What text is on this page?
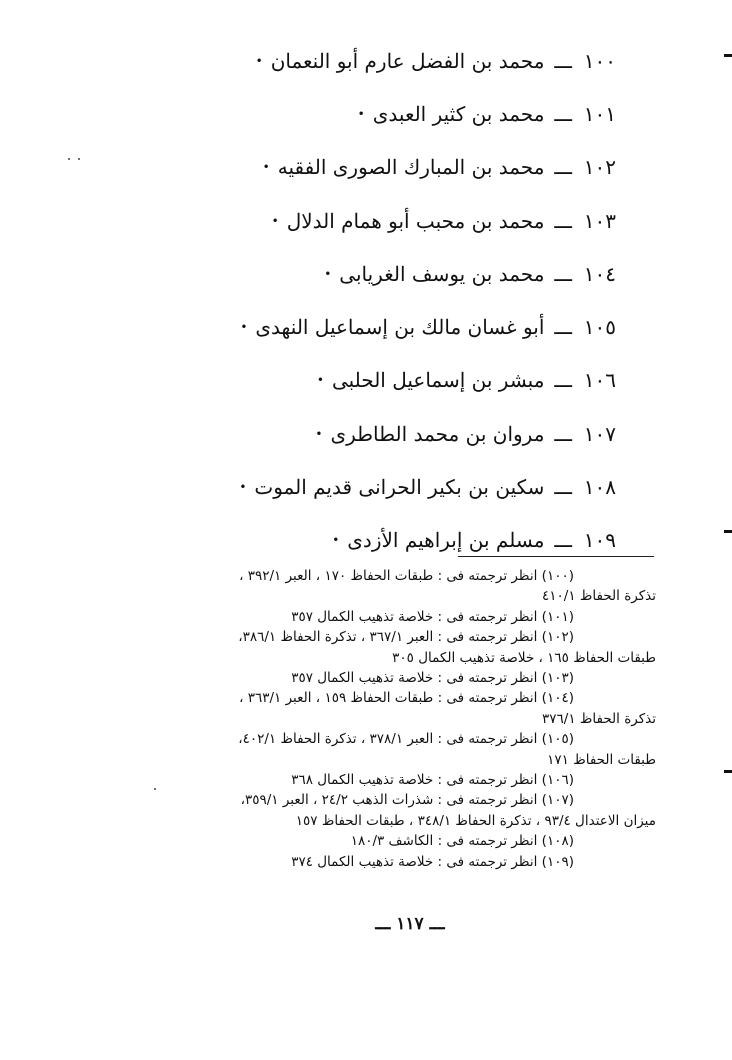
١٠٠
ـــ
محمد بن الفضل عارم أبو النعمان
•
١٠١
ـــ
محمد بن كثير العبدى
•
١٠٢
ـــ
محمد بن المبارك الصورى الفقيه
•
١٠٣
ـــ
محمد بن محبب أبو همام الدلال
•
١٠٤
ـــ
محمد بن يوسف الغريابى
•
١٠٥
ـــ
أبو غسان مالك بن إسماعيل النهدى
•
١٠٦
ـــ
مبشر بن إسماعيل الحلبى
•
١٠٧
ـــ
مروان بن محمد الطاطرى
•
١٠٨
ـــ
سكين بن بكير الحرانى قديم الموت
•
١٠٩
ـــ
مسلم بن إبراهيم الأزدى
•

(١٠٠) انظر ترجمته فى : طبقات الحفاظ ١٧٠ ، العبر ٣٩٢/١ ،
تذكرة الحفاظ ٤١٠/١

(١٠١) انظر ترجمته فى : خلاصة تذهيب الكمال ٣٥٧

(١٠٢) انظر ترجمته فى : العبر ٣٦٧/١ ، تذكرة الحفاظ ٣٨٦/١،
طبقات الحفاظ ١٦٥ ، خلاصة تذهيب الكمال ٣٠٥

(١٠٣) انظر ترجمته فى : خلاصة تذهيب الكمال ٣٥٧

(١٠٤) انظر ترجمته فى : طبقات الحفاظ ١٥٩ ، العبر ٣٦٣/١ ،
تذكرة الحفاظ ٣٧٦/١

(١٠٥) انظر ترجمته فى : العبر ٣٧٨/١ ، تذكرة الحفاظ ٤٠٢/١،
طبقات الحفاظ ١٧١

(١٠٦) انظر ترجمته فى : خلاصة تذهيب الكمال ٣٦٨

(١٠٧) انظر ترجمته فى : شذرات الذهب ٢٤/٢ ، العبر ٣٥٩/١،
ميزان الاعتدال ٩٣/٤ ، تذكرة الحفاظ ٣٤٨/١ ، طبقات الحفاظ ١٥٧

(١٠٨) انظر ترجمته فى : الكاشف ١٨٠/٣

(١٠٩) انظر ترجمته فى : خلاصة تذهيب الكمال ٣٧٤

ـــ ١١٧ ـــ
